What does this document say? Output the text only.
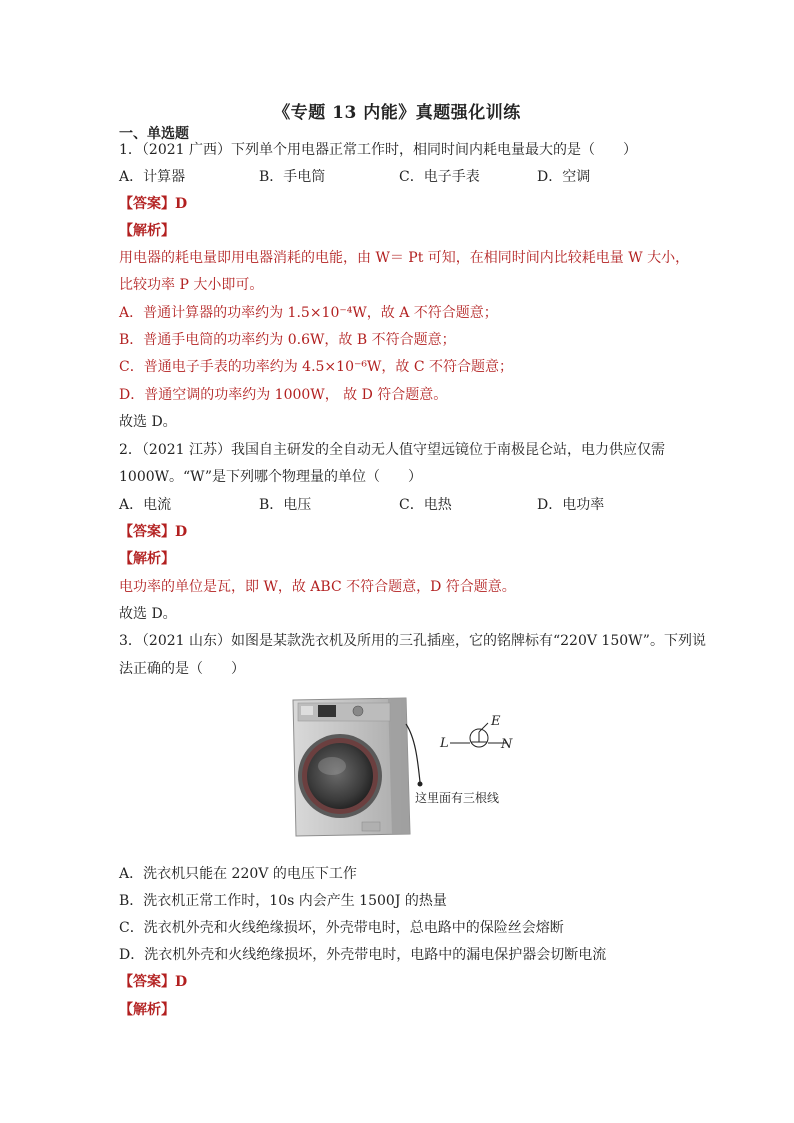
《专题 13 内能》真题强化训练
一、单选题
1．（2021 广西）下列单个用电器正常工作时，相同时间内耗电量最大的是（　　）
A．计算器	B．手电筒	C．电子手表	D．空调
【答案】D
【解析】
用电器的耗电量即用电器消耗的电能，由 W＝ Pt 可知，在相同时间内比较耗电量 W 大小，
比较功率 P 大小即可。
A．普通计算器的功率约为 1.5×10⁻⁴W，故 A 不符合题意；
B．普通手电筒的功率约为 0.6W，故 B 不符合题意；
C．普通电子手表的功率约为 4.5×10⁻⁶W，故 C 不符合题意；
D．普通空调的功率约为 1000W， 故 D 符合题意。
故选 D。
2．（2021 江苏）我国自主研发的全自动无人值守望远镜位于南极昆仑站，电力供应仅需
1000W。“W”是下列哪个物理量的单位（　　）
A．电流	B．电压	C．电热	D．电功率
【答案】D
【解析】
电功率的单位是瓦，即 W，故 ABC 不符合题意，D 符合题意。
故选 D。
3．（2021 山东）如图是某款洗衣机及所用的三孔插座，它的铭牌标有“220V 150W”。下列说
法正确的是（　　）
L	N
E
这里面有三根线
A．洗衣机只能在 220V 的电压下工作
B．洗衣机正常工作时，10s 内会产生 1500J 的热量
C．洗衣机外壳和火线绝缘损坏，外壳带电时，总电路中的保险丝会熔断
D．洗衣机外壳和火线绝缘损坏，外壳带电时，电路中的漏电保护器会切断电流
【答案】D
【解析】
